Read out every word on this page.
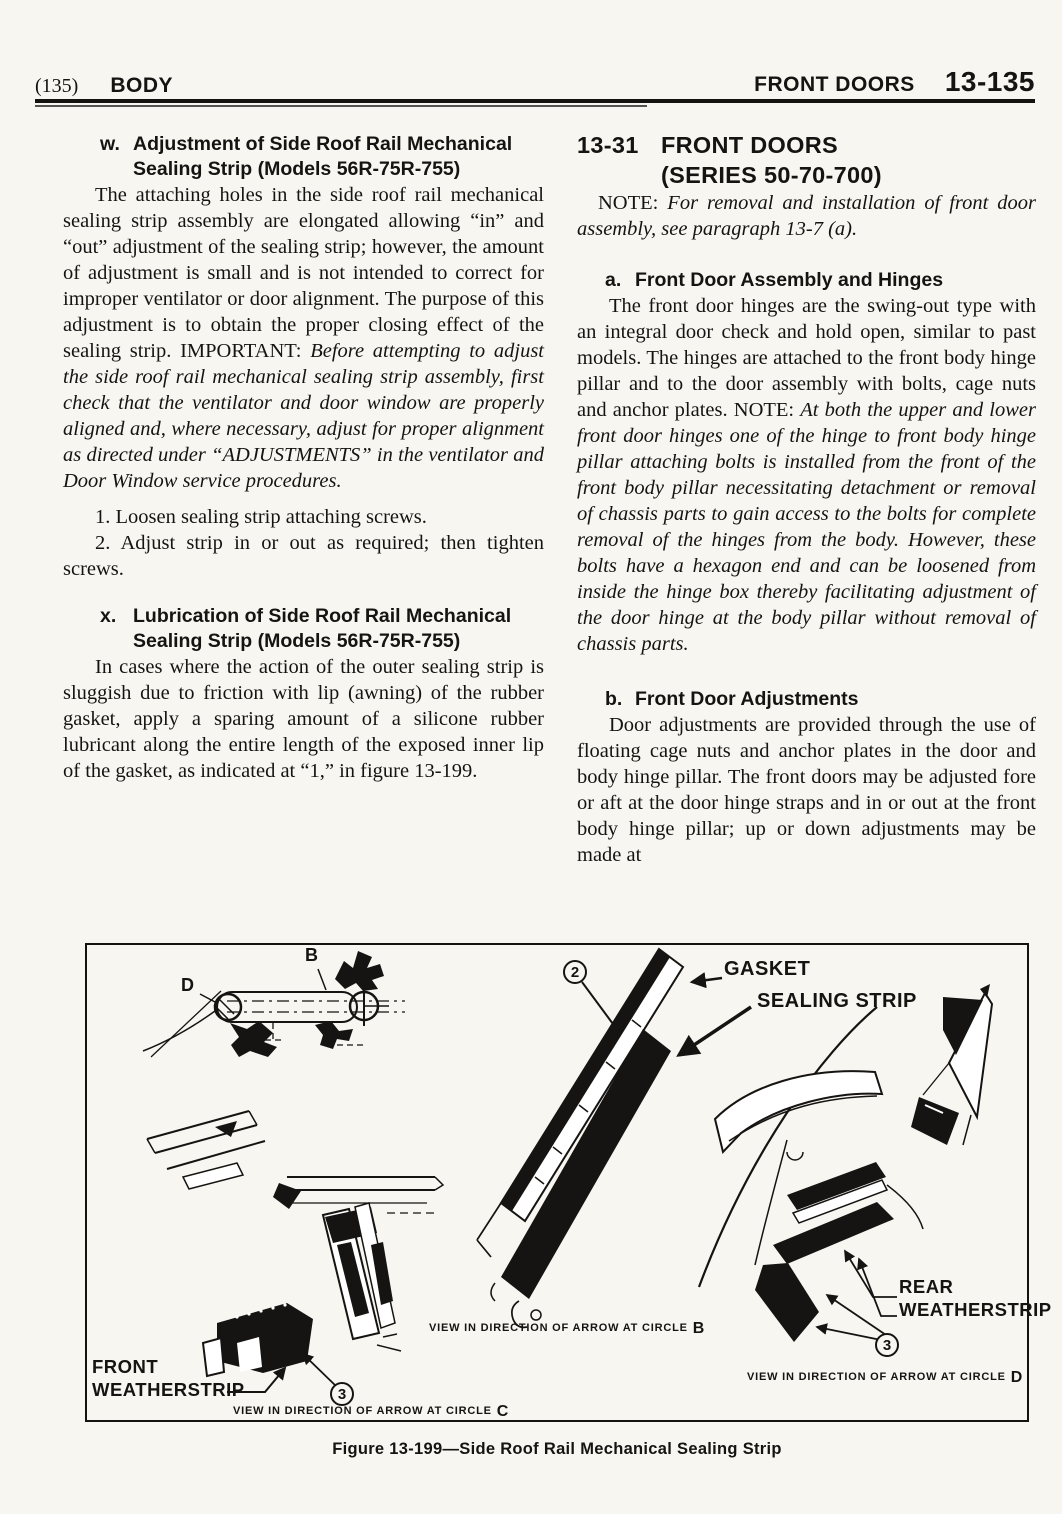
(135) BODY	FRONT DOORS 13-135
w. Adjustment of Side Roof Rail Mechanical
Sealing Strip (Models 56R-75R-755)

The attaching holes in the side roof rail mechanical sealing strip assembly are elongated allowing “in” and “out” adjustment of the sealing strip; however, the amount of adjustment is small and is not intended to correct for improper ventilator or door alignment. The purpose of this adjustment is to obtain the proper closing effect of the sealing strip. IMPORTANT: Before attempting to adjust the side roof rail mechanical sealing strip assembly, first check that the ventilator and door window are properly aligned and, where necessary, adjust for proper alignment as directed under “ADJUSTMENTS” in the ventilator and Door Window service procedures.

1. Loosen sealing strip attaching screws.

2. Adjust strip in or out as required; then tighten screws.

x. Lubrication of Side Roof Rail Mechanical
Sealing Strip (Models 56R-75R-755)

In cases where the action of the outer sealing strip is sluggish due to friction with lip (awning) of the rubber gasket, apply a sparing amount of a silicone rubber lubricant along the entire length of the exposed inner lip of the gasket, as indicated at “1,” in figure 13-199.

13-31 FRONT DOORS
(SERIES 50-70-700)

NOTE: For removal and installation of front door assembly, see paragraph 13-7 (a).

a. Front Door Assembly and Hinges

The front door hinges are the swing-out type with an integral door check and hold open, similar to past models. The hinges are attached to the front body hinge pillar and to the door assembly with bolts, cage nuts and anchor plates. NOTE: At both the upper and lower front door hinges one of the hinge to front body hinge pillar attaching bolts is installed from the front of the front body pillar necessitating detachment or removal of chassis parts to gain access to the bolts for complete removal of the hinges from the body. However, these bolts have a hexagon end and can be loosened from inside the hinge box thereby facilitating adjustment of the door hinge at the body pillar without removal of chassis parts.

b. Front Door Adjustments

Door adjustments are provided through the use of floating cage nuts and anchor plates in the door and body hinge pillar. The front doors may be adjusted fore or aft at the door hinge straps and in or out at the front body hinge pillar; up or down adjustments may be made at

B
D
2
3
3
GASKET
SEALING STRIP
REAR
WEATHERSTRIP
FRONT
WEATHERSTRIP
VIEW IN DIRECTION OF ARROW AT CIRCLE B
VIEW IN DIRECTION OF ARROW AT CIRCLE C
VIEW IN DIRECTION OF ARROW AT CIRCLE D
Figure 13-199—Side Roof Rail Mechanical Sealing Strip
